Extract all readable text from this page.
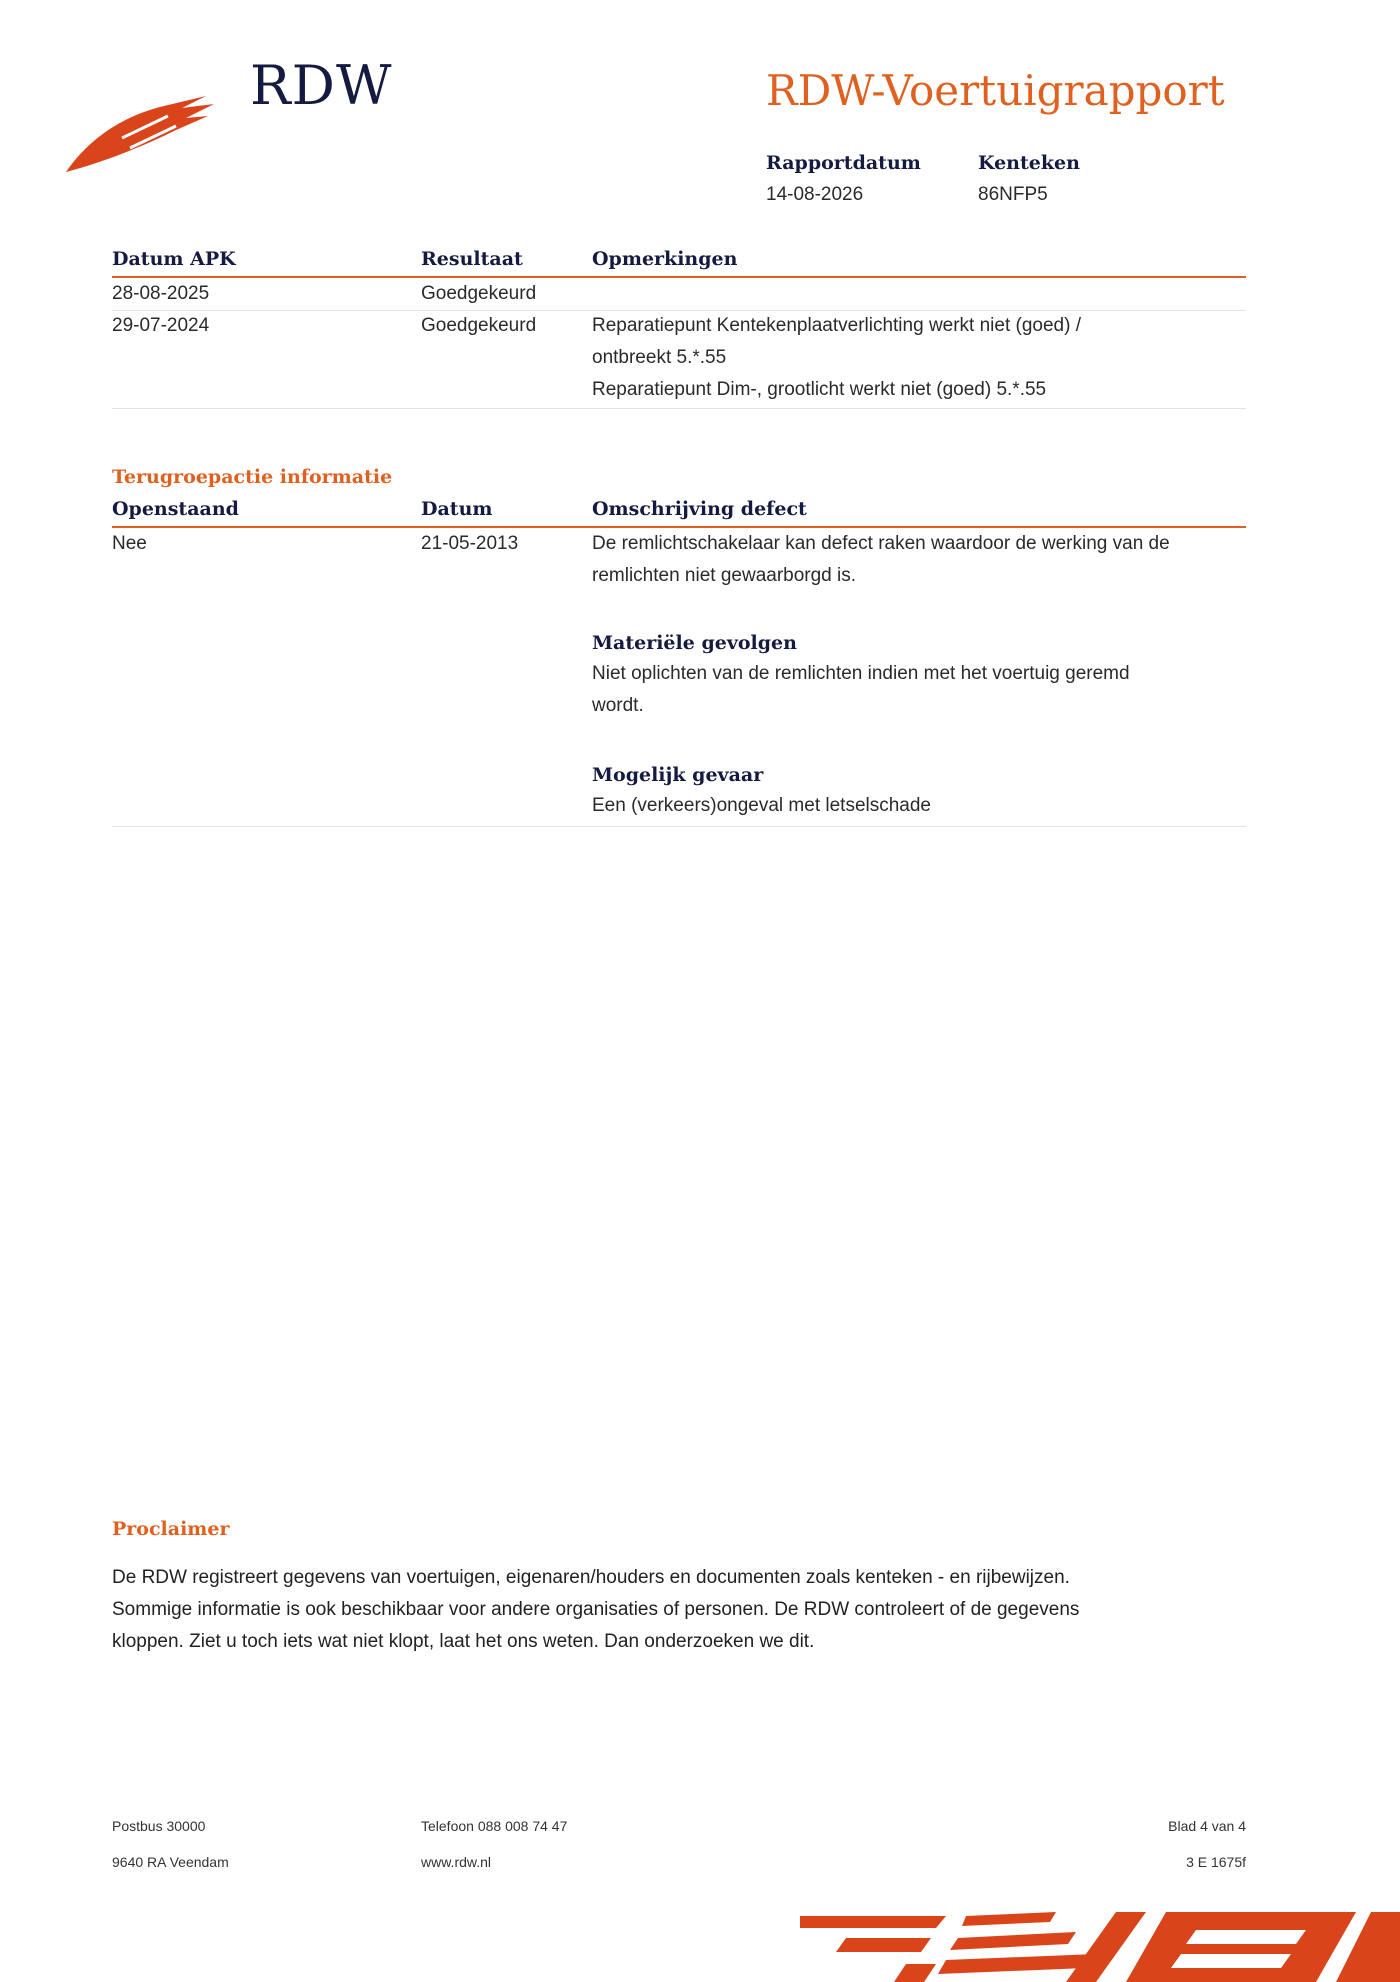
RDW	RDW-Voertuigrapport
Rapportdatum
14-08-2026
Kenteken
86NFP5
Datum APK	Resultaat	Opmerkingen
28-08-2025	Goedgekeurd
29-07-2024	Goedgekeurd	Reparatiepunt Kentekenplaatverlichting werkt niet (goed) /
ontbreekt 5.*.55
Reparatiepunt Dim-, grootlicht werkt niet (goed) 5.*.55
Terugroepactie informatie
Openstaand	Datum	Omschrijving defect
Nee	21-05-2013	De remlichtschakelaar kan defect raken waardoor de werking van de
remlichten niet gewaarborgd is.
Materiële gevolgen
Niet oplichten van de remlichten indien met het voertuig geremd
wordt.
Mogelijk gevaar
Een (verkeers)ongeval met letselschade
Proclaimer
De RDW registreert gegevens van voertuigen, eigenaren/houders en documenten zoals kenteken - en rijbewijzen.
Sommige informatie is ook beschikbaar voor andere organisaties of personen. De RDW controleert of de gegevens
kloppen. Ziet u toch iets wat niet klopt, laat het ons weten. Dan onderzoeken we dit.
Postbus 30000
9640 RA Veendam
Telefoon 088 008 74 47
www.rdw.nl
Blad 4 van 4
3 E 1675f
